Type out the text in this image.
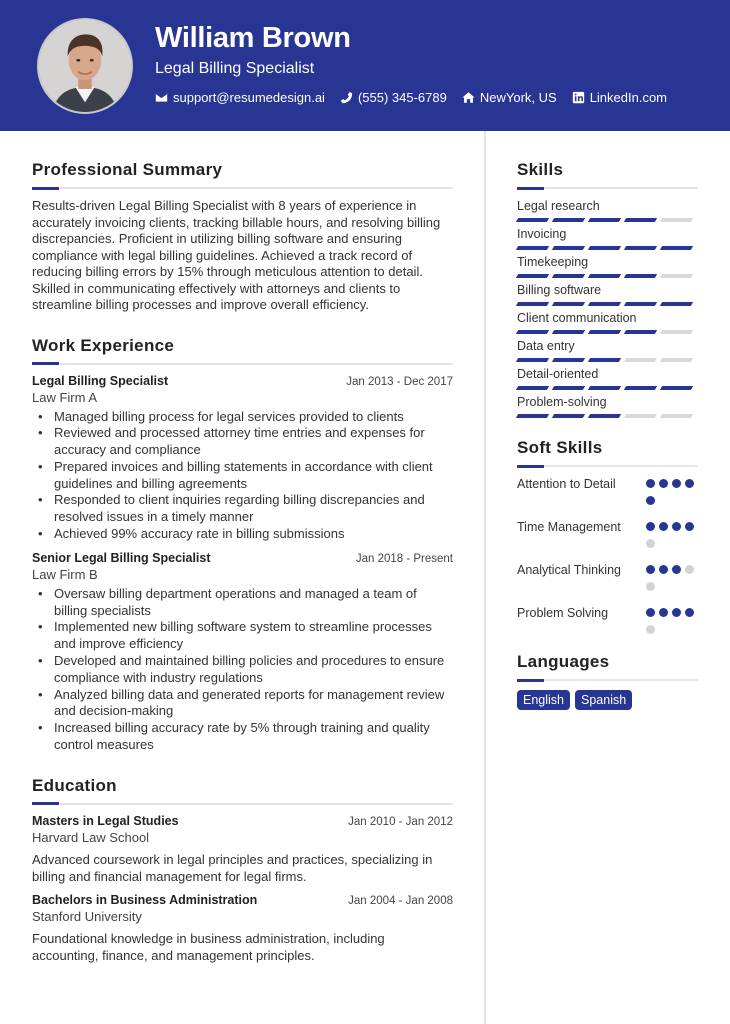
William Brown
Legal Billing Specialist
support@resumedesign.ai	(555) 345-6789	NewYork, US	LinkedIn.com
Professional Summary

Results-driven Legal Billing Specialist with 8 years of experience in accurately invoicing clients, tracking billable hours, and resolving billing discrepancies. Proficient in utilizing billing software and ensuring compliance with legal billing guidelines. Achieved a track record of reducing billing errors by 15% through meticulous attention to detail. Skilled in communicating effectively with attorneys and clients to streamline billing processes and improve overall efficiency.

Work Experience
Legal Billing Specialist	Jan 2013 - Dec 2017
Law Firm A
• Managed billing process for legal services provided to clients
• Reviewed and processed attorney time entries and expenses for accuracy and compliance
• Prepared invoices and billing statements in accordance with client guidelines and billing agreements
• Responded to client inquiries regarding billing discrepancies and resolved issues in a timely manner
• Achieved 99% accuracy rate in billing submissions
Senior Legal Billing Specialist	Jan 2018 - Present
Law Firm B
• Oversaw billing department operations and managed a team of billing specialists
• Implemented new billing software system to streamline processes and improve efficiency
• Developed and maintained billing policies and procedures to ensure compliance with industry regulations
• Analyzed billing data and generated reports for management review and decision-making
• Increased billing accuracy rate by 5% through training and quality control measures
Education
Masters in Legal Studies	Jan 2010 - Jan 2012
Harvard Law School

Advanced coursework in legal principles and practices, specializing in billing and financial management for legal firms.

Bachelors in Business Administration	Jan 2004 - Jan 2008
Stanford University

Foundational knowledge in business administration, including accounting, finance, and management principles.

Skills
Legal research
Invoicing
Timekeeping
Billing software
Client communication
Data entry
Detail-oriented
Problem-solving
Soft Skills
Attention to Detail
Time Management
Analytical Thinking
Problem Solving
Languages
English	Spanish
